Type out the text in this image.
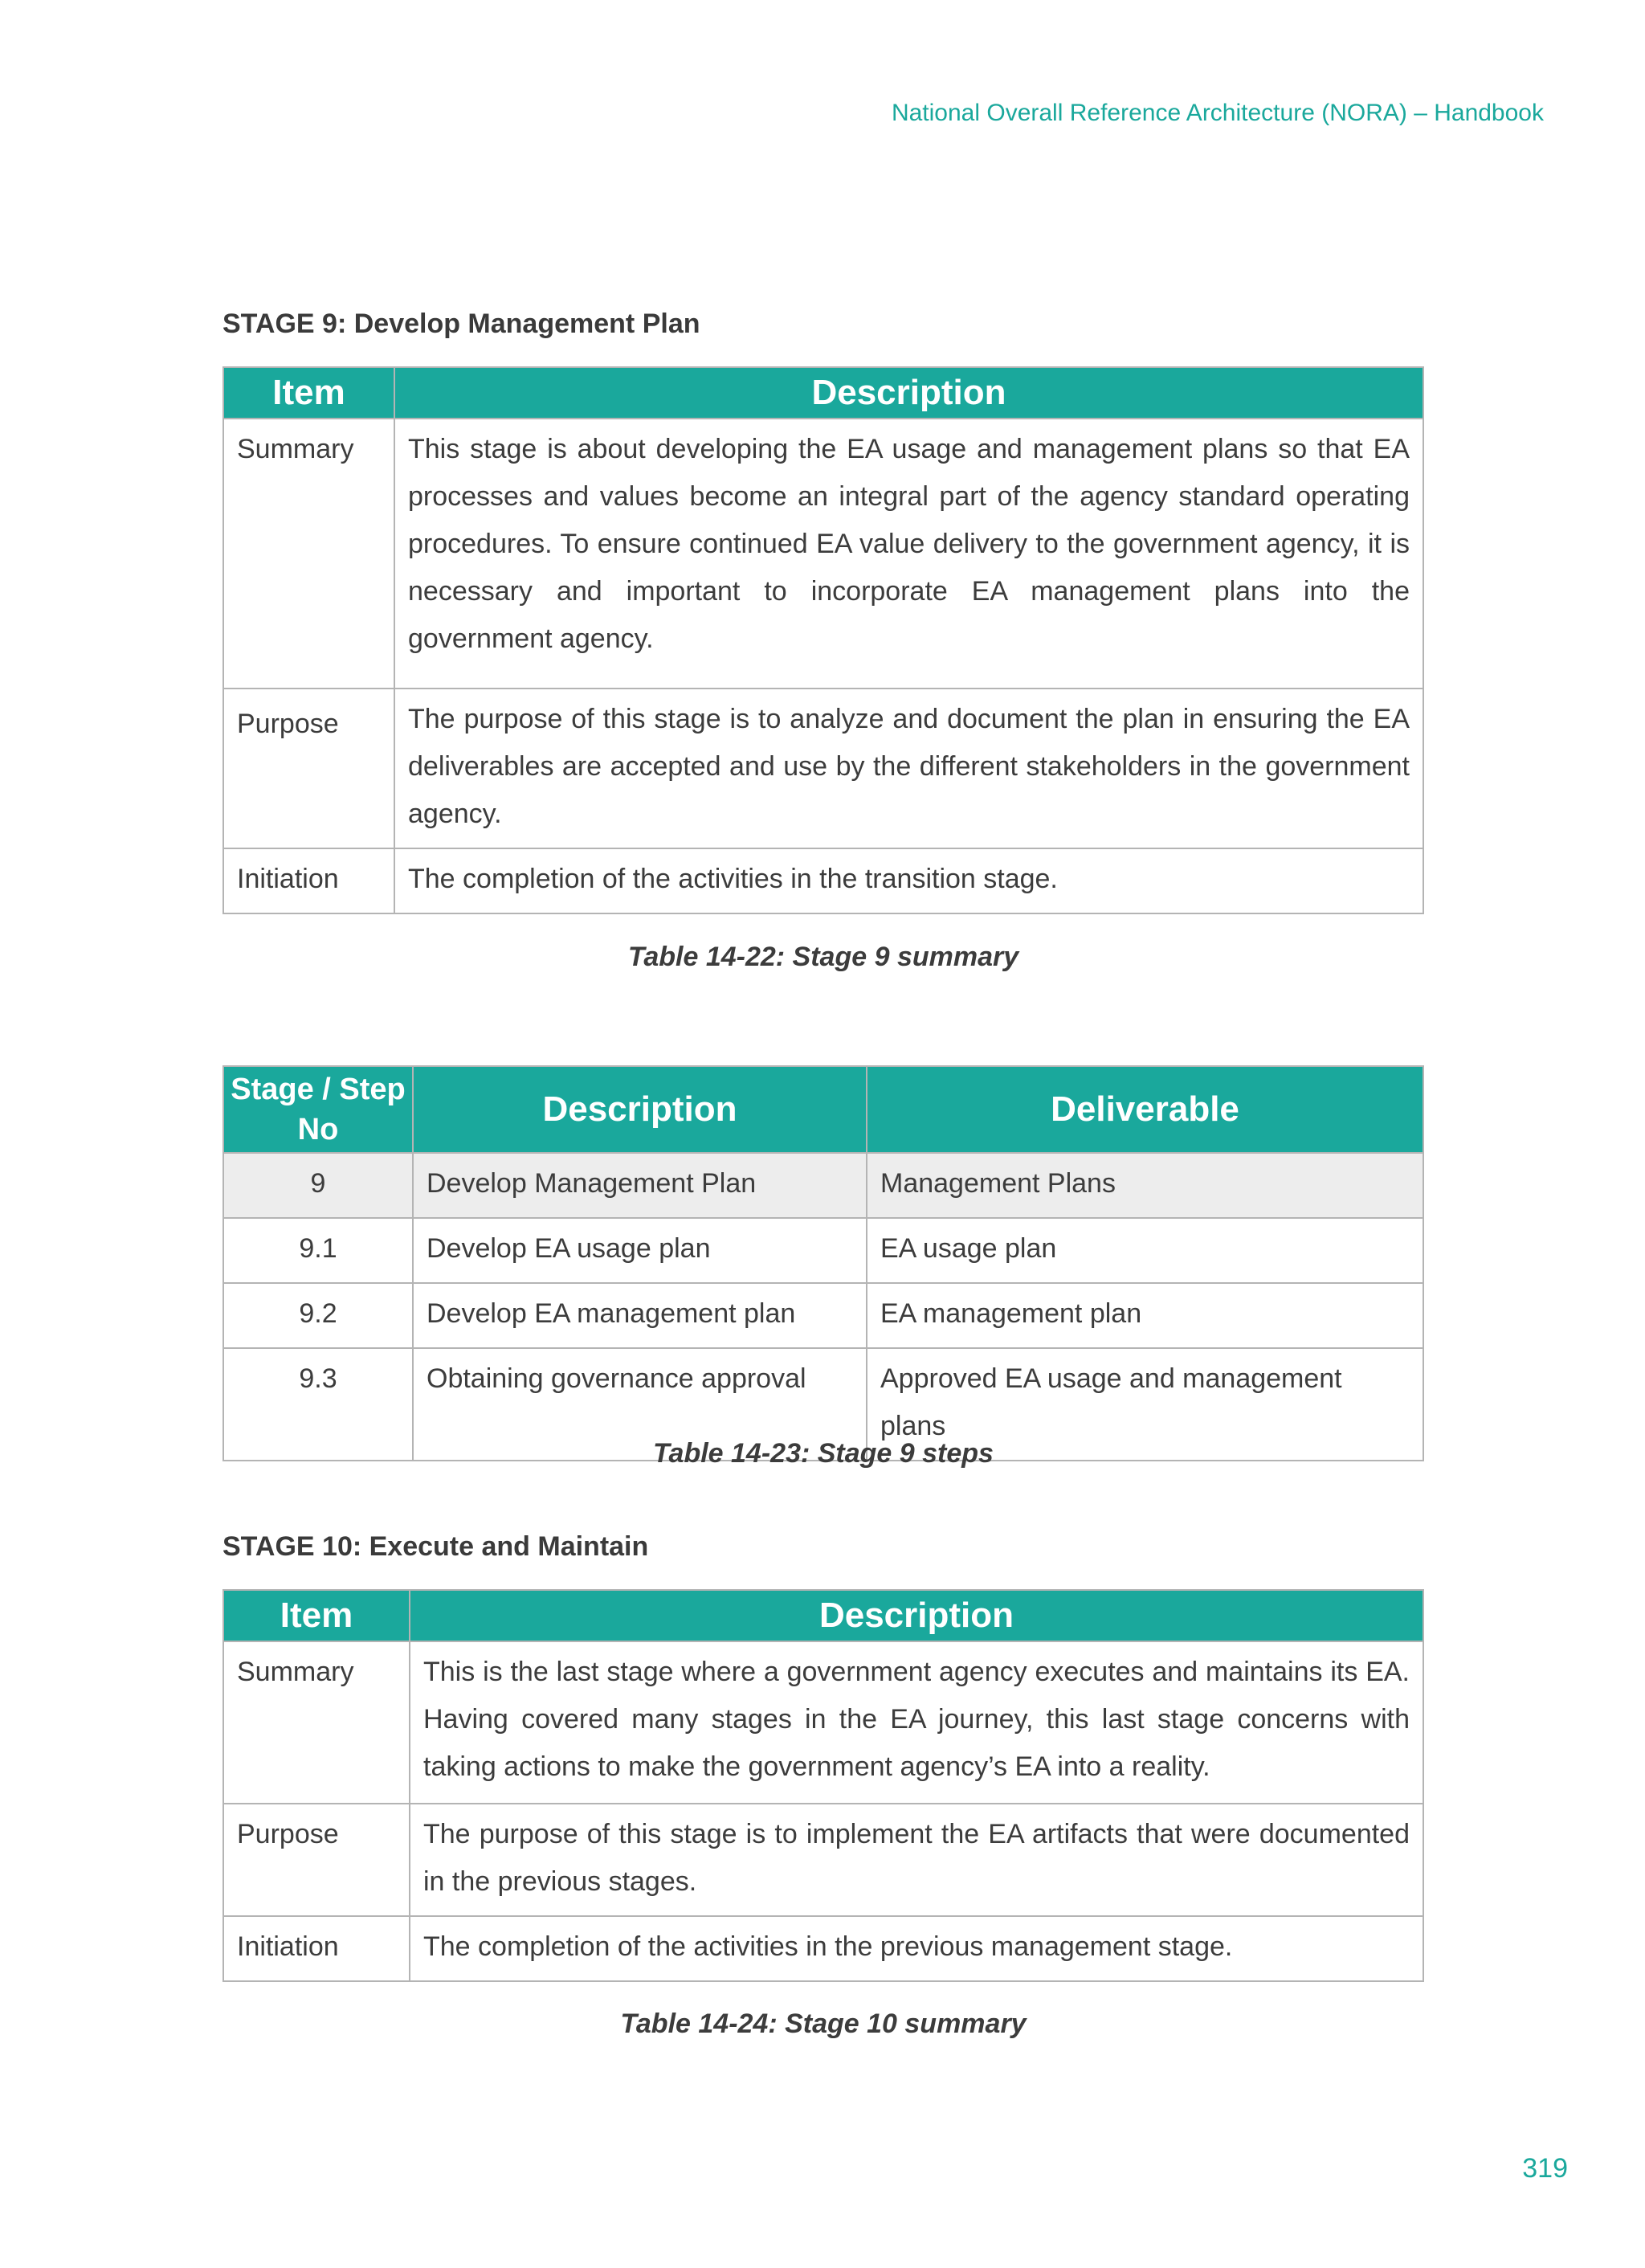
National Overall Reference Architecture (NORA) – Handbook
STAGE 9: Develop Management Plan
Item	Description
Summary	This stage is about developing the EA usage and management plans so that EA processes and values become an integral part of the agency standard operating procedures. To ensure continued EA value delivery to the government agency, it is necessary and important to incorporate EA management plans into the government agency.
Purpose	The purpose of this stage is to analyze and document the plan in ensuring the EA deliverables are accepted and use by the different stakeholders in the government agency.
Initiation	The completion of the activities in the transition stage.
Table 14-22: Stage 9 summary
Stage / Step No	Description	Deliverable
9	Develop Management Plan	Management Plans
9.1	Develop EA usage plan	EA usage plan
9.2	Develop EA management plan	EA management plan
9.3	Obtaining governance approval	Approved EA usage and management plans
Table 14-23: Stage 9 steps
STAGE 10: Execute and Maintain
Item	Description
Summary	This is the last stage where a government agency executes and maintains its EA. Having covered many stages in the EA journey, this last stage concerns with taking actions to make the government agency’s EA into a reality.
Purpose	The purpose of this stage is to implement the EA artifacts that were documented in the previous stages.
Initiation	The completion of the activities in the previous management stage.
Table 14-24: Stage 10 summary
319
